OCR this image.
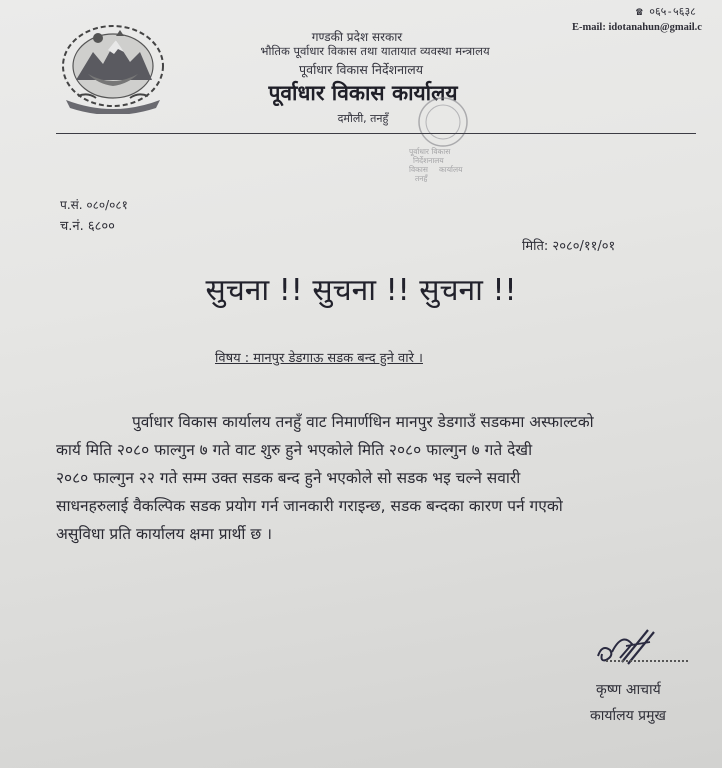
☎ ०६५-५६३८
E-mail: idotanahun@gmail.c
गण्डकी प्रदेश सरकार
भौतिक पूर्वाधार विकास तथा यातायात व्यवस्था मन्त्रालय
पूर्वाधार विकास निर्देशनालय
पूर्वाधार विकास कार्यालय
दमौली, तनहुँ
पूर्वाधार विकास
निर्देशनालय
विकास कार्यालय
तनहुँ
प.सं. ०८०/०८१
च.नं. ६८००
मिति: २०८०/११/०१
सुचना !! सुचना !! सुचना !!
विषय : मानपुर डेडगाऊ सडक बन्द हुने वारे ।
पुर्वाधार विकास कार्यालय तनहुँ वाट निमार्णधिन मानपुर डेडगाउँ सडकमा अस्फाल्टको
कार्य मिति २०८० फाल्गुन ७ गते वाट शुरु हुने भएकोले मिति २०८० फाल्गुन ७ गते देखी
२०८० फाल्गुन २२ गते सम्म उक्त सडक बन्द हुने भएकोले सो सडक भइ चल्ने सवारी
साधनहरुलाई वैकल्पिक सडक प्रयोग गर्न जानकारी गराइन्छ, सडक बन्दका कारण पर्न गएको
असुविधा प्रति कार्यालय क्षमा प्रार्थी छ ।
कृष्ण आचार्य
कार्यालय प्रमुख
